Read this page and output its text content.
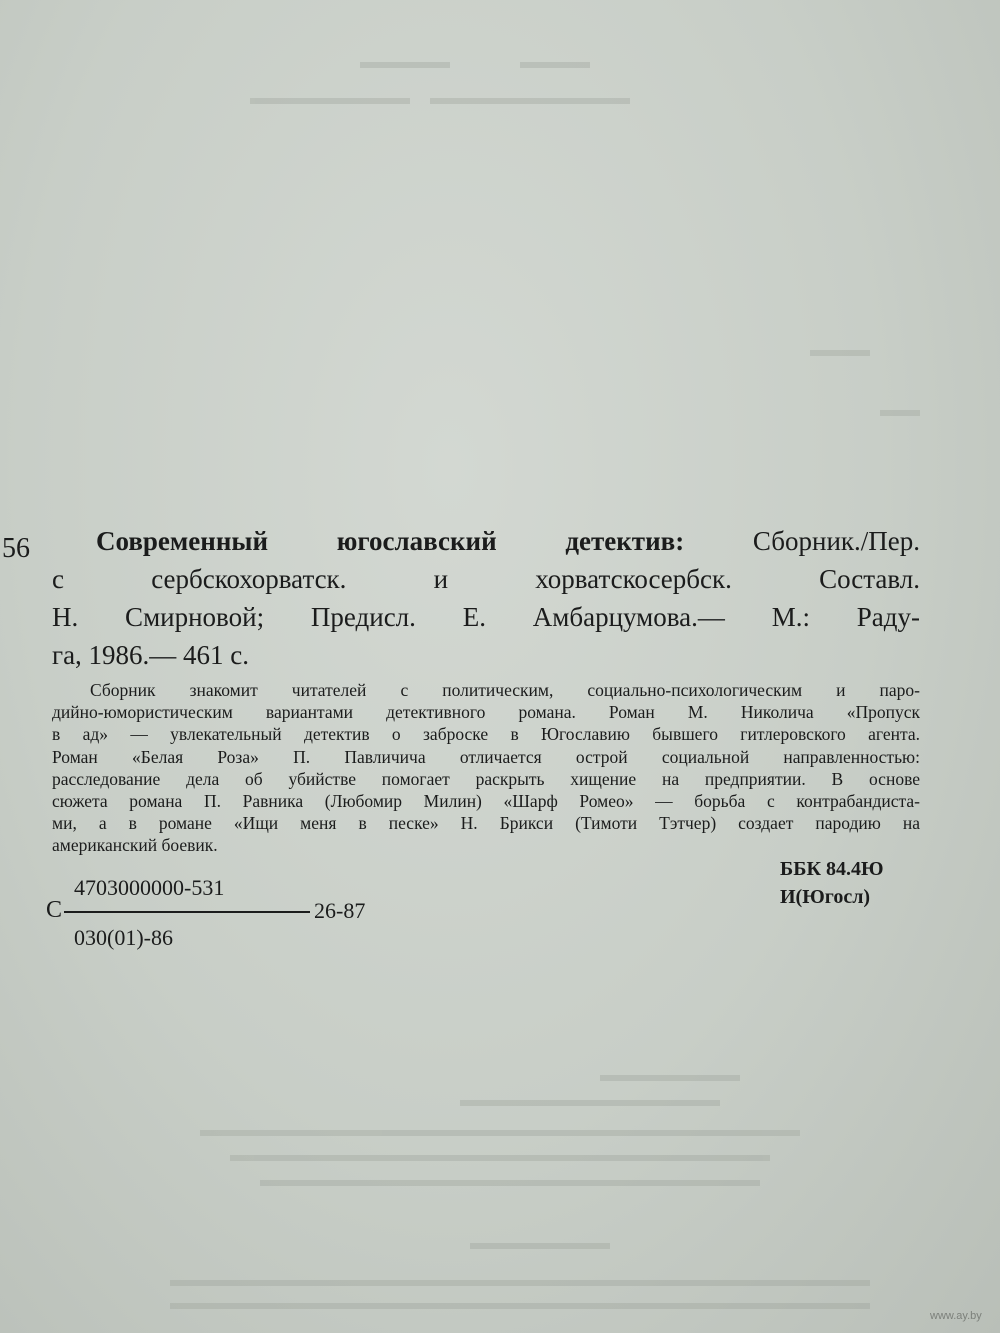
56	Современный югославский детектив: Сборник./Пер.
с сербскохорватск. и хорватскосербск. Составл.
Н. Смирновой; Предисл. Е. Амбарцумова.— М.: Раду-
га, 1986.— 461 с.
Сборник знакомит читателей с политическим, социально-психологическим и паро-
дийно-юмористическим вариантами детективного романа. Роман М. Николича «Пропуск
в ад» — увлекательный детектив о заброске в Югославию бывшего гитлеровского агента.
Роман «Белая Роза» П. Павличича отличается острой социальной направленностью:
расследование дела об убийстве помогает раскрыть хищение на предприятии. В основе
сюжета романа П. Равника (Любомир Милин) «Шарф Ромео» — борьба с контрабандиста-
ми, а в романе «Ищи меня в песке» Н. Брикси (Тимоти Тэтчер) создает пародию на
американский боевик.
ББК 84.4Ю
И(Югосл)
С
4703000000-531
030(01)-86
26-87
www.ay.by
